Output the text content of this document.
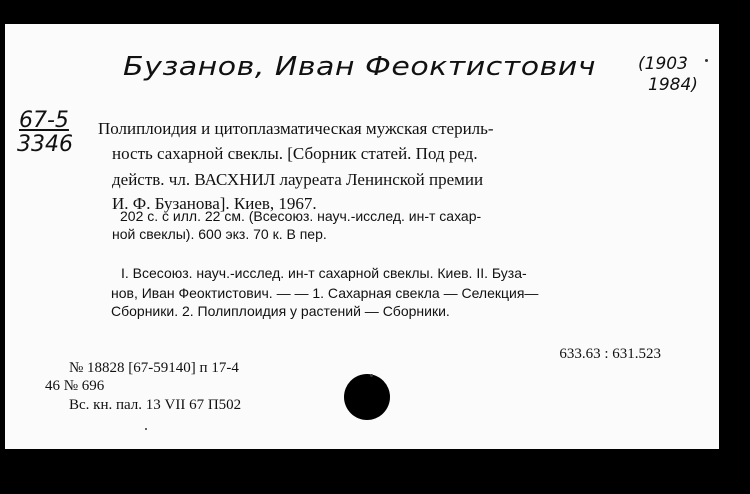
Бузанов, Иван Феоктистович (1903
1984)
67-5
3346
Полиплоидия и цитоплазматическая мужская стериль-
ность сахарной свеклы. [Сборник статей. Под ред.
действ. чл. ВАСХНИЛ лауреата Ленинской премии
И. Ф. Бузанова]. Киев, 1967.
202 с. с илл. 22 см. (Всесоюз. науч.-исслед. ин-т сахар-
ной свеклы). 600 экз. 70 к. В пер.
I. Всесоюз. науч.-исслед. ин-т сахарной свеклы. Киев. II. Буза-
нов, Иван Феоктистович. — — 1. Сахарная свекла — Селекция—
Сборники. 2. Полиплоидия у растений — Сборники.
633.63 : 631.523
№ 18828 [67-59140] п 17-4
46 № 696
Вс. кн. пал. 13 VII 67 П502
